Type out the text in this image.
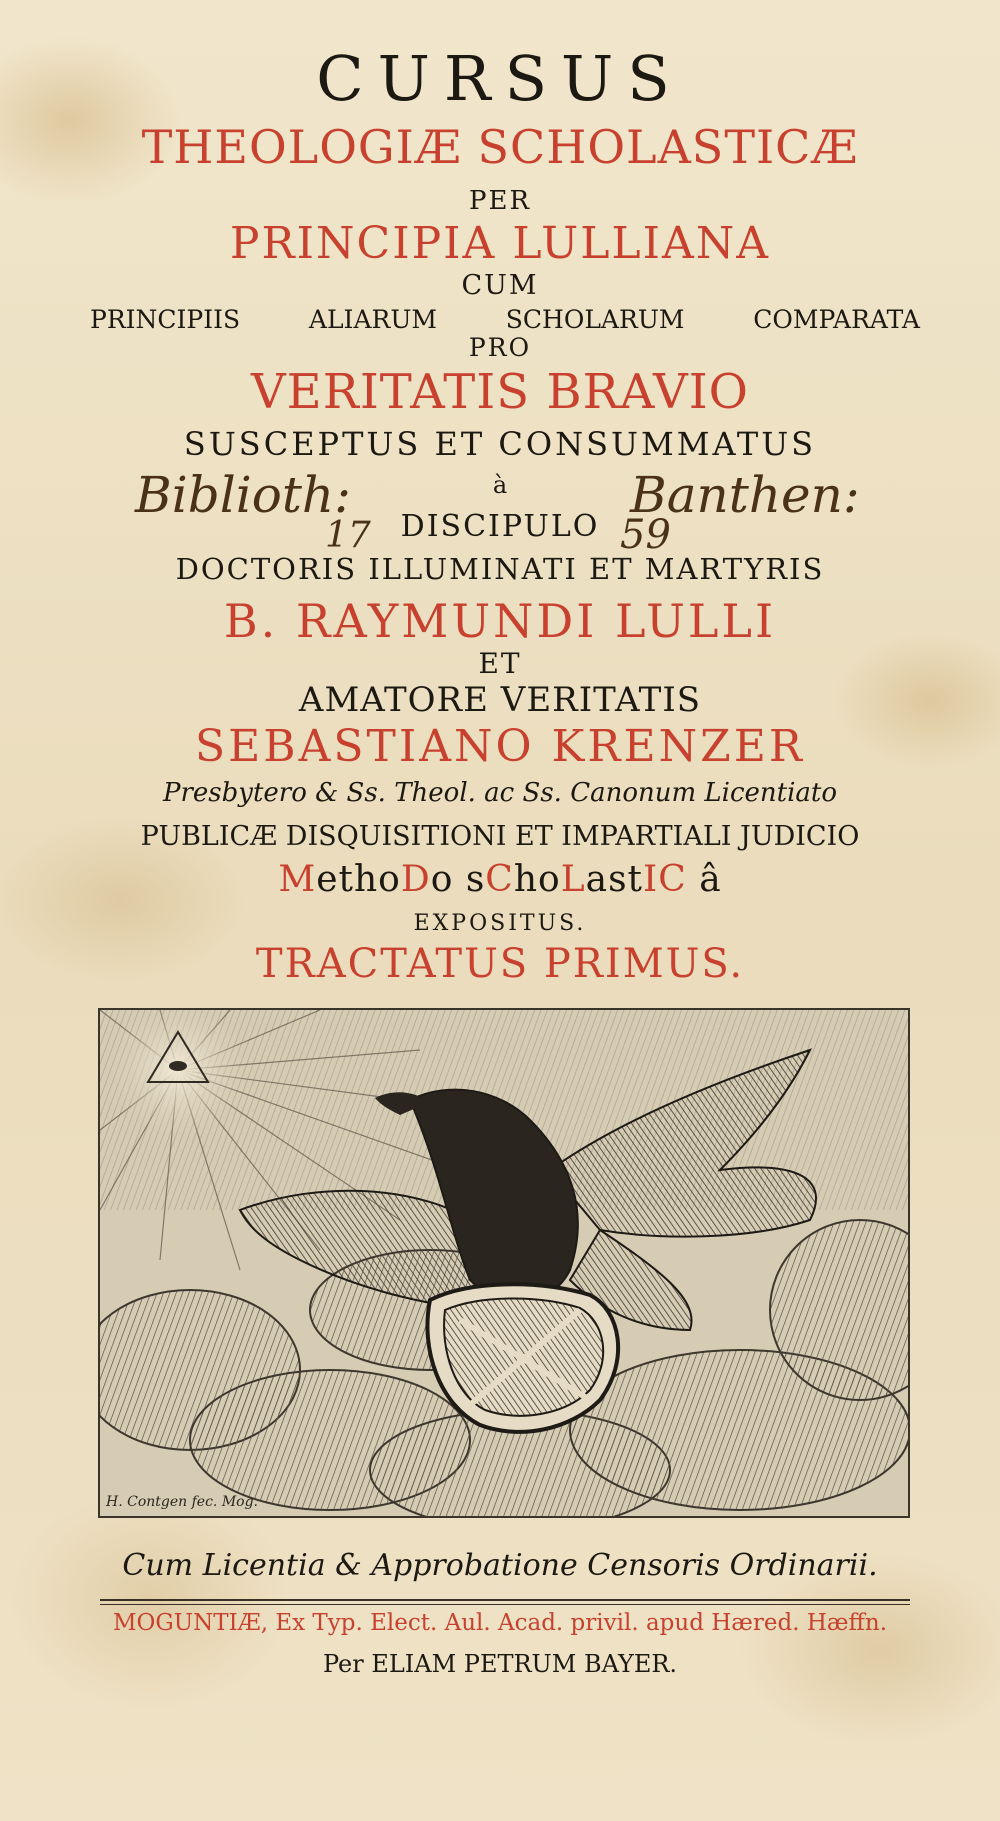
CURSUS

THEOLOGIÆ SCHOLASTICÆ

PER

PRINCIPIA LULLIANA

CUM

PRINCIPIIS	ALIARUM	SCHOLARUM	COMPARATA

PRO

VERITATIS BRAVIO

SUSCEPTUS ET CONSUMMATUS

Biblioth:	Banthen:
17	59

à

DISCIPULO

DOCTORIS ILLUMINATI ET MARTYRIS

B. RAYMUNDI LULLI

ET

AMATORE VERITATIS

SEBASTIANO KRENZER

Presbytero & Ss. Theol. ac Ss. Canonum Licentiato

PUBLICÆ DISQUISITIONI ET IMPARTIALI JUDICIO

MethoDo sChoLastIC â

EXPOSITUS.

TRACTATUS PRIMUS.

H. Contgen fec. Mog.

Cum Licentia & Approbatione Censoris Ordinarii.

MOGUNTIÆ, Ex Typ. Elect. Aul. Acad. privil. apud Hæred. Hæffn.

Per ELIAM PETRUM BAYER.
